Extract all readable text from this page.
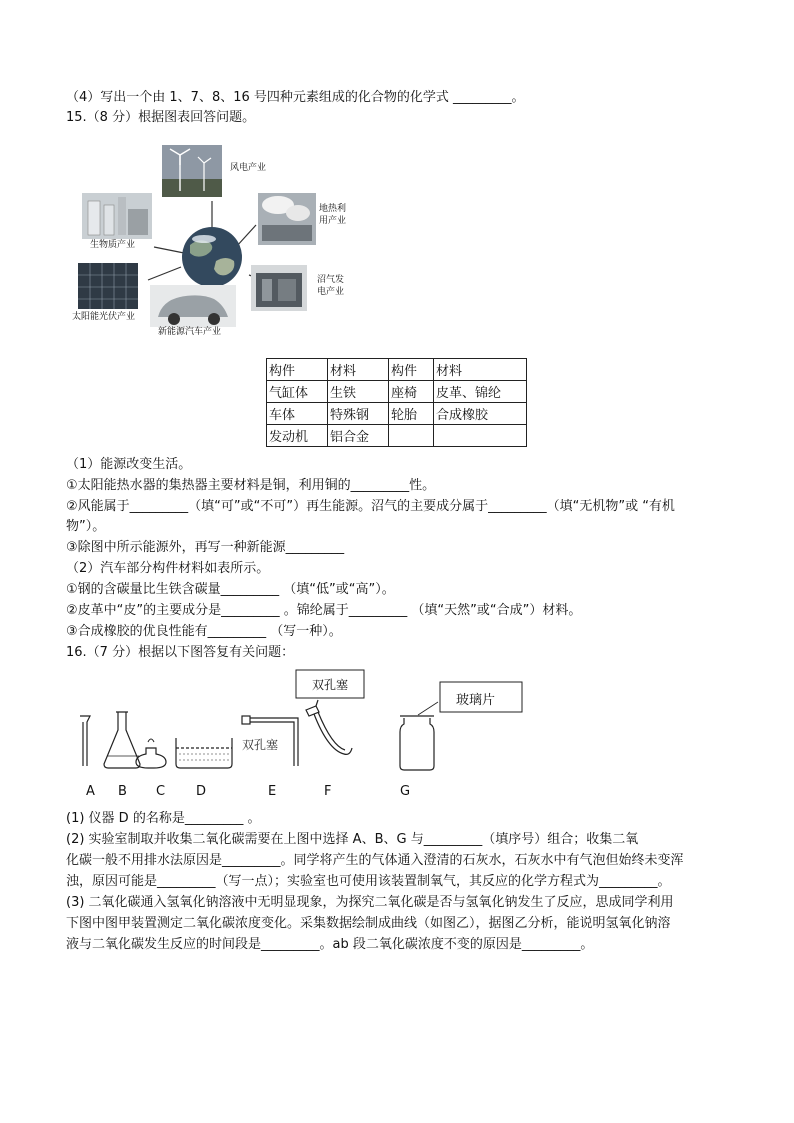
（4）写出一个由 1、7、8、16 号四种元素组成的化合物的化学式 _________。
15.（8 分）根据图表回答问题。
风电产业
地热利
用产业
生物质产业
沼气发
电产业
太阳能光伏产业
新能源汽车产业
构件	材料	构件	材料
气缸体	生铁	座椅	皮革、锦纶
车体	特殊钢	轮胎	合成橡胶
发动机	铝合金		
（1）能源改变生活。
①太阳能热水器的集热器主要材料是铜，利用铜的_________性。
②风能属于_________（填“可”或“不可”）再生能源。沼气的主要成分属于_________（填“无机物”或 “有机
物”）。
③除图中所示能源外，再写一种新能源_________
（2）汽车部分构件材料如表所示。
①钢的含碳量比生铁含碳量_________ （填“低”或“高”）。
②皮革中“皮”的主要成分是_________ 。锦纶属于_________ （填“天然”或“合成”）材料。
③合成橡胶的优良性能有_________ （写一种）。
16.（7 分）根据以下图答复有关问题：
双孔塞
玻璃片
双孔塞
A B C D	E	F	G
(1) 仪器 D 的名称是_________ 。
(2) 实验室制取并收集二氧化碳需要在上图中选择 A、B、G 与_________（填序号）组合；收集二氧
化碳一般不用排水法原因是_________。同学将产生的气体通入澄清的石灰水，石灰水中有气泡但始终未变浑
浊，原因可能是_________（写一点）；实验室也可使用该装置制氧气，其反应的化学方程式为_________。
(3) 二氧化碳通入氢氧化钠溶液中无明显现象，为探究二氧化碳是否与氢氧化钠发生了反应，思成同学利用
下图中图甲装置测定二氧化碳浓度变化。采集数据绘制成曲线（如图乙），据图乙分析，能说明氢氧化钠溶
液与二氧化碳发生反应的时间段是_________。ab 段二氧化碳浓度不变的原因是_________。
